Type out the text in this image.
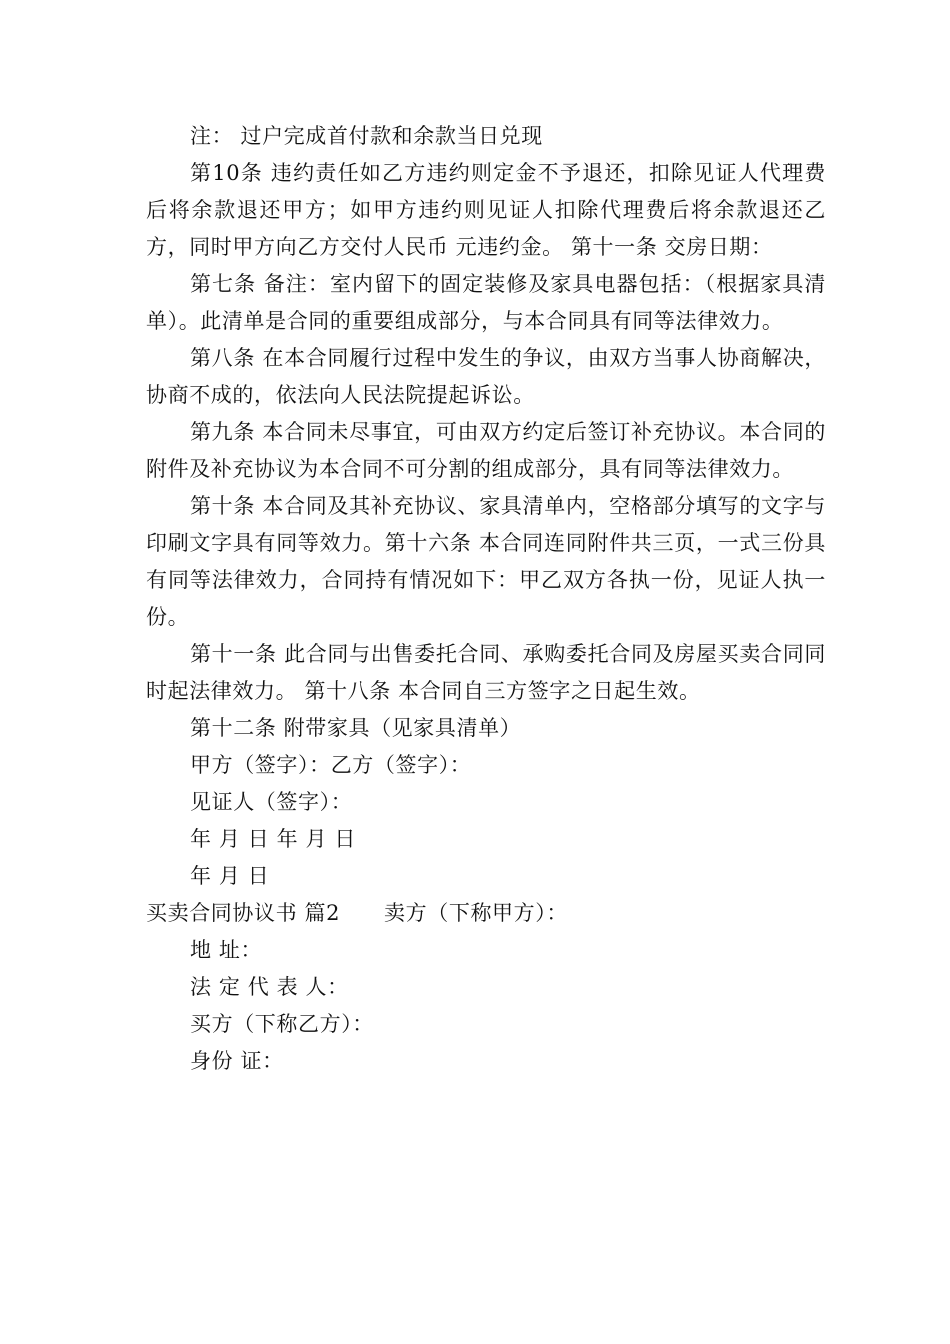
注： 过户完成首付款和余款当日兑现

第10条 违约责任如乙方违约则定金不予退还，扣除见证人代理费后将余款退还甲方；如甲方违约则见证人扣除代理费后将余款退还乙方，同时甲方向乙方交付人民币 元违约金。 第十一条 交房日期：

第七条 备注：室内留下的固定装修及家具电器包括：（根据家具清单）。此清单是合同的重要组成部分，与本合同具有同等法律效力。

第八条 在本合同履行过程中发生的争议，由双方当事人协商解决，协商不成的，依法向人民法院提起诉讼。

第九条 本合同未尽事宜，可由双方约定后签订补充协议。本合同的附件及补充协议为本合同不可分割的组成部分，具有同等法律效力。

第十条 本合同及其补充协议、家具清单内，空格部分填写的文字与印刷文字具有同等效力。第十六条 本合同连同附件共三页，一式三份具有同等法律效力，合同持有情况如下：甲乙双方各执一份，见证人执一份。

第十一条 此合同与出售委托合同、承购委托合同及房屋买卖合同同时起法律效力。 第十八条 本合同自三方签字之日起生效。

第十二条 附带家具（见家具清单）

甲方（签字）：乙方（签字）：

见证人（签字）：

年 月 日 年 月 日

年 月 日

买卖合同协议书 篇2 卖方（下称甲方）：

地 址：

法 定 代 表 人：

买方（下称乙方）：

身份 证：
